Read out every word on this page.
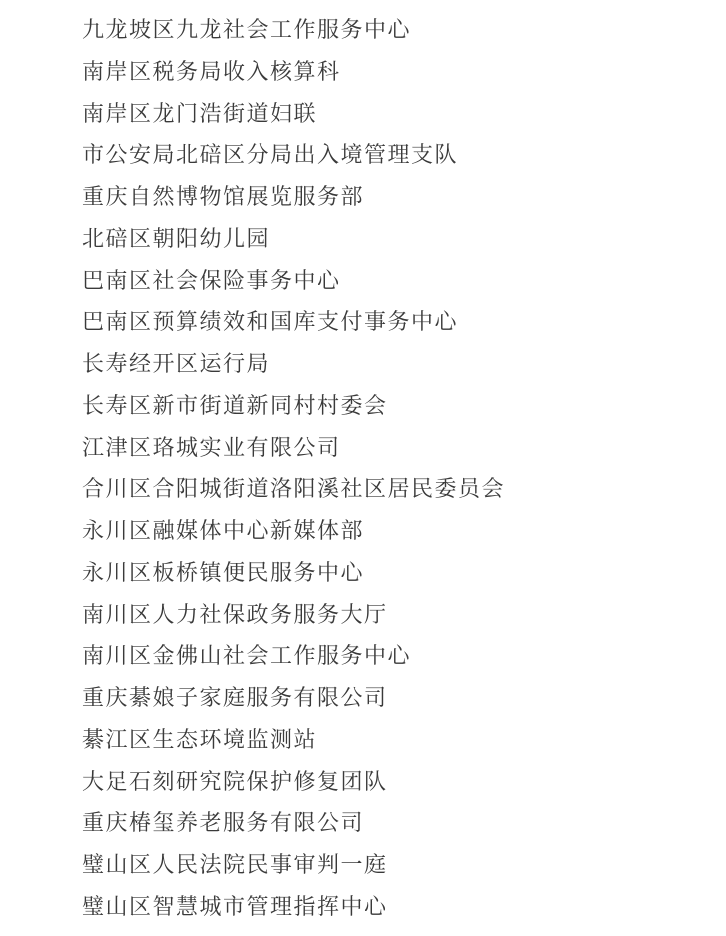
九龙坡区九龙社会工作服务中心
南岸区税务局收入核算科
南岸区龙门浩街道妇联
市公安局北碚区分局出入境管理支队
重庆自然博物馆展览服务部
北碚区朝阳幼儿园
巴南区社会保险事务中心
巴南区预算绩效和国库支付事务中心
长寿经开区运行局
长寿区新市街道新同村村委会
江津区珞城实业有限公司
合川区合阳城街道洛阳溪社区居民委员会
永川区融媒体中心新媒体部
永川区板桥镇便民服务中心
南川区人力社保政务服务大厅
南川区金佛山社会工作服务中心
重庆綦娘子家庭服务有限公司
綦江区生态环境监测站
大足石刻研究院保护修复团队
重庆椿玺养老服务有限公司
璧山区人民法院民事审判一庭
璧山区智慧城市管理指挥中心
